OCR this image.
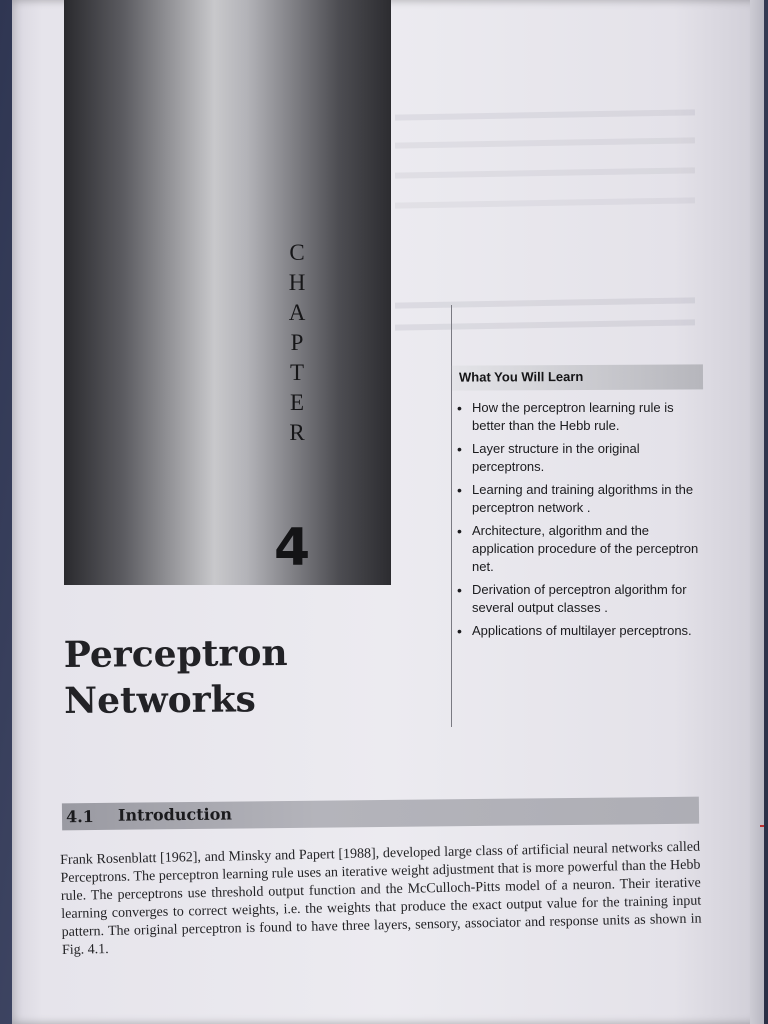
C
H
A
P
T
E
R
4
Perceptron
Networks
What You Will Learn
• How the perceptron learning rule is better than the Hebb rule.
• Layer structure in the original perceptrons.
• Learning and training algorithms in the perceptron network .
• Architecture, algorithm and the application procedure of the perceptron net.
• Derivation of perceptron algorithm for several output classes .
• Applications of multilayer perceptrons.
4.1 Introduction

Frank Rosenblatt [1962], and Minsky and Papert [1988], developed large class of artificial neural networks called Perceptrons. The perceptron learning rule uses an iterative weight adjustment that is more powerful than the Hebb rule. The perceptrons use threshold output function and the McCulloch-Pitts model of a neuron. Their iterative learning converges to correct weights, i.e. the weights that produce the exact output value for the training input pattern. The original perceptron is found to have three layers, sensory, associator and response units as shown in Fig. 4.1.
